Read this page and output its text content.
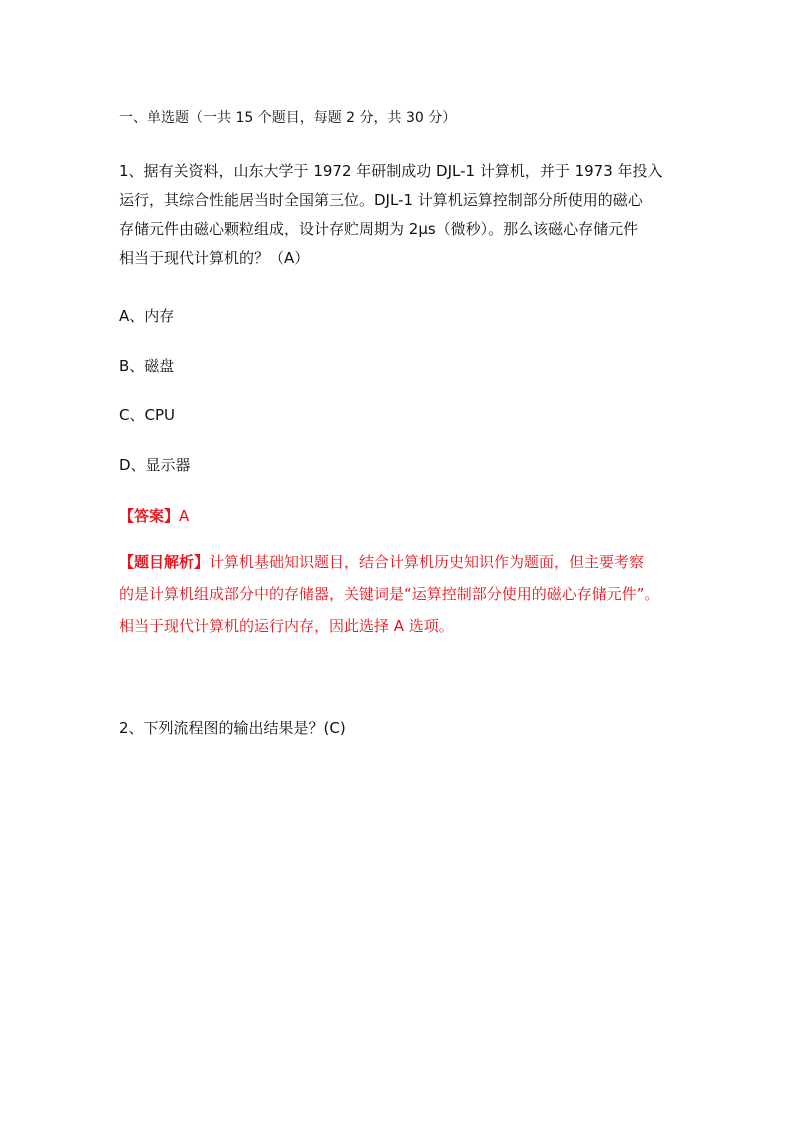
一、单选题（一共 15 个题目，每题 2 分，共 30 分）

1、据有关资料，山东大学于 1972 年研制成功 DJL-1 计算机，并于 1973 年投入

运行，其综合性能居当时全国第三位。DJL-1 计算机运算控制部分所使用的磁心

存储元件由磁心颗粒组成，设计存贮周期为 2μs（微秒）。那么该磁心存储元件

相当于现代计算机的？（A）

A、内存

B、磁盘

C、CPU

D、显示器

【答案】A

【题目解析】计算机基础知识题目，结合计算机历史知识作为题面，但主要考察

的是计算机组成部分中的存储器，关键词是“运算控制部分使用的磁心存储元件”。

相当于现代计算机的运行内存，因此选择 A 选项。

2、下列流程图的输出结果是？(C)
